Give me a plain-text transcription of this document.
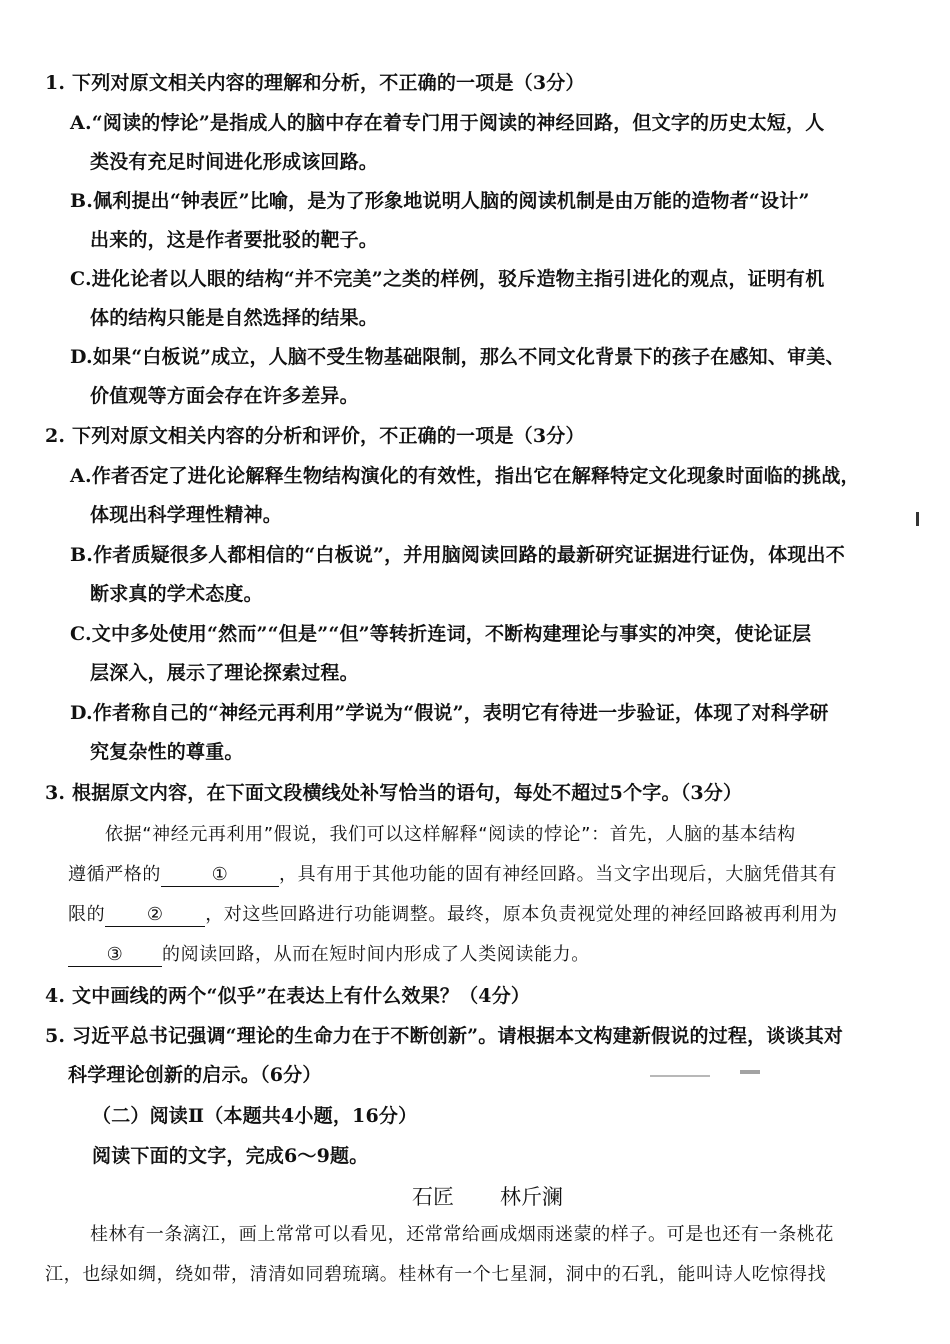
1. 下列对原文相关内容的理解和分析，不正确的一项是（3分）
A.“阅读的悖论”是指成人的脑中存在着专门用于阅读的神经回路，但文字的历史太短，人
类没有充足时间进化形成该回路。
B.佩利提出“钟表匠”比喻，是为了形象地说明人脑的阅读机制是由万能的造物者“设计”
出来的，这是作者要批驳的靶子。
C.进化论者以人眼的结构“并不完美”之类的样例，驳斥造物主指引进化的观点，证明有机
体的结构只能是自然选择的结果。
D.如果“白板说”成立，人脑不受生物基础限制，那么不同文化背景下的孩子在感知、审美、
价值观等方面会存在许多差异。
2. 下列对原文相关内容的分析和评价，不正确的一项是（3分）
A.作者否定了进化论解释生物结构演化的有效性，指出它在解释特定文化现象时面临的挑战，
体现出科学理性精神。
B.作者质疑很多人都相信的“白板说”，并用脑阅读回路的最新研究证据进行证伪，体现出不
断求真的学术态度。
C.文中多处使用“然而”“但是”“但”等转折连词，不断构建理论与事实的冲突，使论证层
层深入，展示了理论探索过程。
D.作者称自己的“神经元再利用”学说为“假说”，表明它有待进一步验证，体现了对科学研
究复杂性的尊重。
3. 根据原文内容，在下面文段横线处补写恰当的语句，每处不超过5个字。（3分）
依据“神经元再利用”假说，我们可以这样解释“阅读的悖论”：首先，人脑的基本结构
遵循严格的	①	，具有用于其他功能的固有神经回路。当文字出现后，大脑凭借其有
限的 ② ，对这些回路进行功能调整。最终，原本负责视觉处理的神经回路被再利用为
③ 的阅读回路，从而在短时间内形成了人类阅读能力。
4. 文中画线的两个“似乎”在表达上有什么效果？（4分）
5. 习近平总书记强调“理论的生命力在于不断创新”。请根据本文构建新假说的过程，谈谈其对
科学理论创新的启示。（6分）
（二）阅读Ⅱ（本题共4小题，16分）
阅读下面的文字，完成6～9题。
石匠 林斤澜
桂林有一条漓江，画上常常可以看见，还常常给画成烟雨迷蒙的样子。可是也还有一条桃花
江，也绿如绸，绕如带，清清如同碧琉璃。桂林有一个七星洞，洞中的石乳，能叫诗人吃惊得找
